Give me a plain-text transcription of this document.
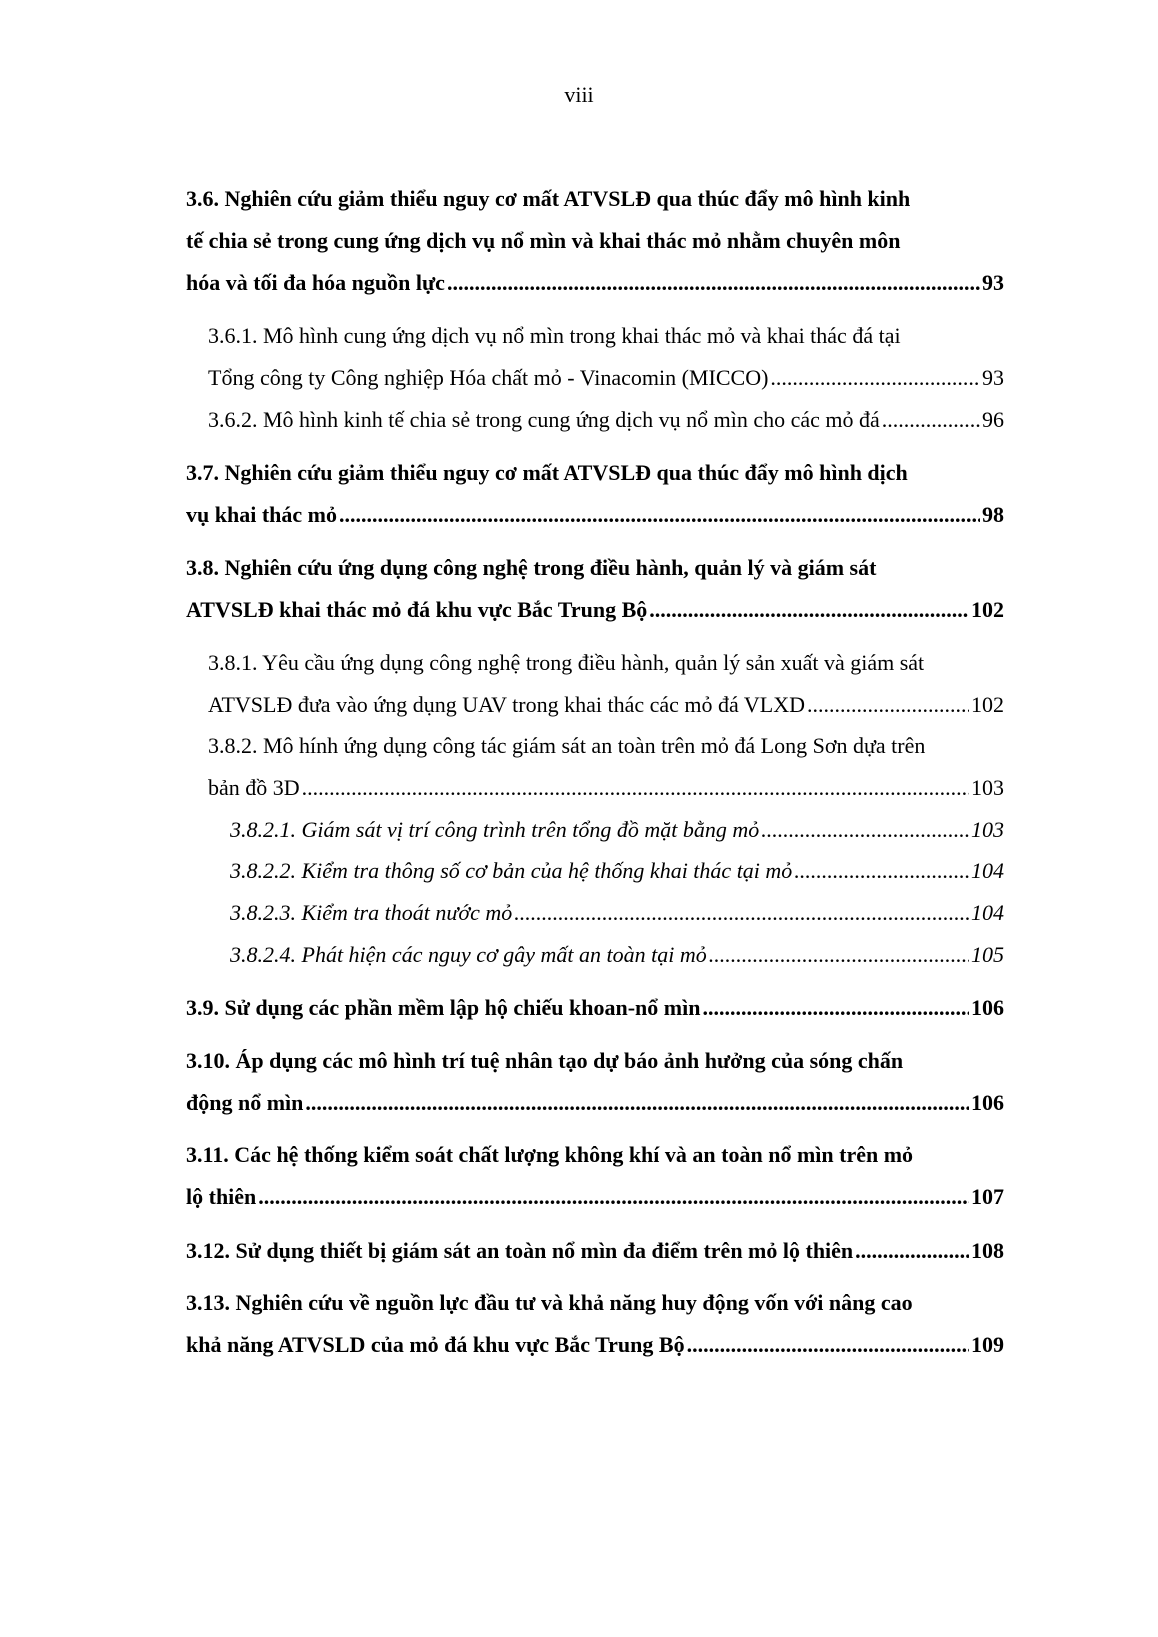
viii
3.6. Nghiên cứu giảm thiểu nguy cơ mất ATVSLĐ qua thúc đẩy mô hình kinh
tế chia sẻ trong cung ứng dịch vụ nổ mìn và khai thác mỏ nhằm chuyên môn
hóa và tối đa hóa nguồn lực .....	93
3.6.1. Mô hình cung ứng dịch vụ nổ mìn trong khai thác mỏ và khai thác đá tại
Tổng công ty Công nghiệp Hóa chất mỏ - Vinacomin (MICCO) .....	93
3.6.2. Mô hình kinh tế chia sẻ trong cung ứng dịch vụ nổ mìn cho các mỏ đá .....	96
3.7. Nghiên cứu giảm thiểu nguy cơ mất ATVSLĐ qua thúc đẩy mô hình dịch
vụ khai thác mỏ .....	98
3.8. Nghiên cứu ứng dụng công nghệ trong điều hành, quản lý và giám sát
ATVSLĐ khai thác mỏ đá khu vực Bắc Trung Bộ .....	102
3.8.1. Yêu cầu ứng dụng công nghệ trong điều hành, quản lý sản xuất và giám sát
ATVSLĐ đưa vào ứng dụng UAV trong khai thác các mỏ đá VLXD .....	102
3.8.2. Mô hính ứng dụng công tác giám sát an toàn trên mỏ đá Long Sơn dựa trên
bản đồ 3D .....	103
3.8.2.1. Giám sát vị trí công trình trên tổng đồ mặt bằng mỏ .....	103
3.8.2.2. Kiểm tra thông số cơ bản của hệ thống khai thác tại mỏ .....	104
3.8.2.3. Kiểm tra thoát nước mỏ .....	104
3.8.2.4. Phát hiện các nguy cơ gây mất an toàn tại mỏ .....	105
3.9. Sử dụng các phần mềm lập hộ chiếu khoan-nổ mìn .....	106
3.10. Áp dụng các mô hình trí tuệ nhân tạo dự báo ảnh hưởng của sóng chấn
động nổ mìn .....	106
3.11. Các hệ thống kiểm soát chất lượng không khí và an toàn nổ mìn trên mỏ
lộ thiên .....	107
3.12. Sử dụng thiết bị giám sát an toàn nổ mìn đa điểm trên mỏ lộ thiên .....	108
3.13. Nghiên cứu về nguồn lực đầu tư và khả năng huy động vốn với nâng cao
khả năng ATVSLD của mỏ đá khu vực Bắc Trung Bộ .....	109
